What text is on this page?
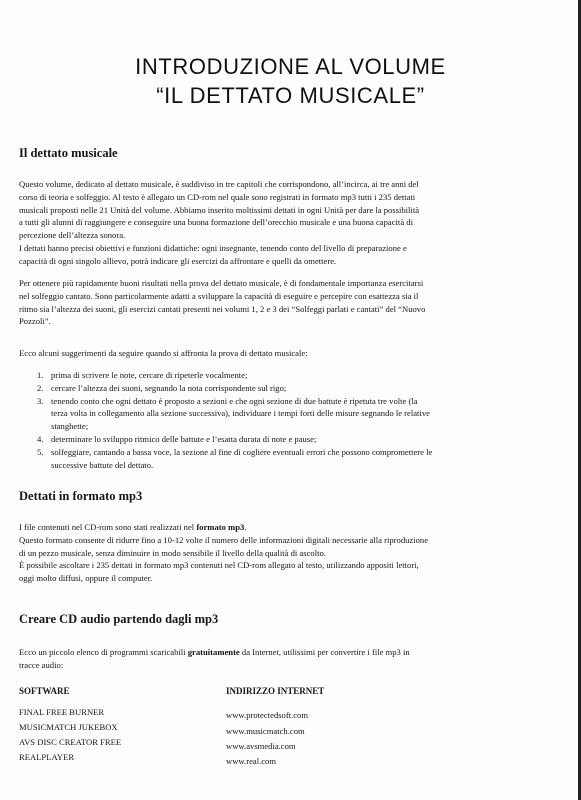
INTRODUZIONE AL VOLUME
“IL DETTATO MUSICALE”
Il dettato musicale
Questo volume, dedicato al dettato musicale, è suddiviso in tre capitoli che corrispondono, all’incirca, ai tre anni del
corso di teoria e solfeggio. Al testo è allegato un CD-rom nel quale sono registrati in formato mp3 tutti i 235 dettati
musicali proposti nelle 21 Unità del volume. Abbiamo inserito moltissimi dettati in ogni Unità per dare la possibilità
a tutti gli alunni di raggiungere e conseguire una buona formazione dell’orecchio musicale e una buona capacità di
percezione dell’altezza sonora.
I dettati hanno precisi obiettivi e funzioni didattiche: ogni insegnante, tenendo conto del livello di preparazione e
capacità di ogni singolo allievo, potrà indicare gli esercizi da affrontare e quelli da omettere.
Per ottenere più rapidamente buoni risultati nella prova del dettato musicale, è di fondamentale importanza esercitarsi
nel solfeggio cantato. Sono particolarmente adatti a sviluppare la capacità di eseguire e percepire con esattezza sia il
ritmo sia l’altezza dei suoni, gli esercizi cantati presenti nei volumi 1, 2 e 3 dei “Solfeggi parlati e cantati” del “Nuovo
Pozzoli”.
Ecco alcuni suggerimenti da seguire quando si affronta la prova di dettato musicale:
1. prima di scrivere le note, cercare di ripeterle vocalmente;
2. cercare l’altezza dei suoni, segnando la nota corrispondente sul rigo;
3. tenendo conto che ogni dettato è proposto a sezioni e che ogni sezione di due battute è ripetuta tre volte (la
terza volta in collegamento alla sezione successiva), individuare i tempi forti delle misure segnando le relative
stanghette;
4. determinare lo sviluppo ritmico delle battute e l’esatta durata di note e pause;
5. solfeggiare, cantando a bassa voce, la sezione al fine di cogliere eventuali errori che possono compromettere le
successive battute del dettato.
Dettati in formato mp3
I file contenuti nel CD-rom sono stati realizzati nel formato mp3.
Questo formato consente di ridurre fino a 10-12 volte il numero delle informazioni digitali necessarie alla riproduzione
di un pezzo musicale, senza diminuire in modo sensibile il livello della qualità di ascolto.
È possibile ascoltare i 235 dettati in formato mp3 contenuti nel CD-rom allegato al testo, utilizzando appositi lettori,
oggi molto diffusi, oppure il computer.
Creare CD audio partendo dagli mp3
Ecco un piccolo elenco di programmi scaricabili gratuitamente da Internet, utilissimi per convertire i file mp3 in
tracce audio:
SOFTWARE	INDIRIZZO INTERNET
FINAL FREE BURNER
MUSICMATCH JUKEBOX
AVS DISC CREATOR FREE
REALPLAYER
www.protectedsoft.com
www.musicmatch.com
www.avsmedia.com
www.real.com
